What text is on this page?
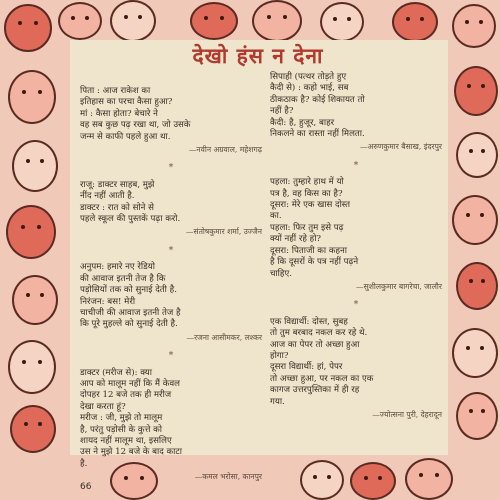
देखो हंस न देना

पिता : आज राकेश का
इतिहास का परचा कैसा हुआ?
मां : कैसा होता? बेचारे ने
वह सब कुछ पढ़ रखा था, जो उसके
जन्म से काफी पहले हुआ था.

—नवीन अग्रवाल, महेशगढ़
*

राजू: डाक्टर साहब, मुझे
नींद नहीं आती है.
डाक्टर : रात को सोने से
पहले स्कूल की पुस्तकें पढ़ा करो.

—संतोषकुमार शर्मा, उज्जैन
*

अनुपम: हमारे नए रेडियो
की आवाज इतनी तेज है कि
पड़ोसियों तक को सुनाई देती है.
निरंजन: बस! मेरी
चाचीजी की आवाज इतनी तेज है
कि पूरे मुहल्ले को सुनाई देती है.

—रजना आसीमकर, लश्कर
*

डाक्टर (मरीज से): क्या
आप को मालूम नहीं कि मैं केवल
दोपहर 12 बजे तक ही मरीज
देखा करता हूं?
मरीज : जी, मुझे तो मालूम
है, परंतु पड़ोसी के कुत्ते को
शायद नहीं मालूम था, इसलिए
उस ने मुझे 12 बजे के बाद काटा
है.

—कमल भरोसा, कानपुर

सिपाही (पत्थर तोड़ते हुए
कैदी से) : कहो भाई, सब
ठीकठाक है? कोई शिकायत तो
नहीं है?
कैदी: है, हुजूर, बाहर
निकलने का रास्ता नहीं मिलता.

—अरुणकुमार बैसाख, इंदरपुर
*

पहला: तुम्हारे हाथ में यो
पत्र है, वह किस का है?
दूसरा: मेरे एक खास दोस्त
का.
पहला: फिर तुम इसे पढ़
क्यों नहीं रहे हो?
दूसरा: पिताजी का कहना
है कि दूसरों के पत्र नहीं पढ़ने
चाहिए.

—सुशीलकुमार बागरेचा, जालौर
*

एक विद्यार्थी: दोस्त, सुबह
तो तुम बरबाद नकल कर रहे थे.
आज का पेपर तो अच्छा हुआ
होगा?
दूसरा विद्यार्थी: हां, पेपर
तो अच्छा हुआ, पर नकल का एक
कागज उत्तरपुस्तिका में ही रह
गया.

—ज्योत्सना पुरी, देहरादून
66
